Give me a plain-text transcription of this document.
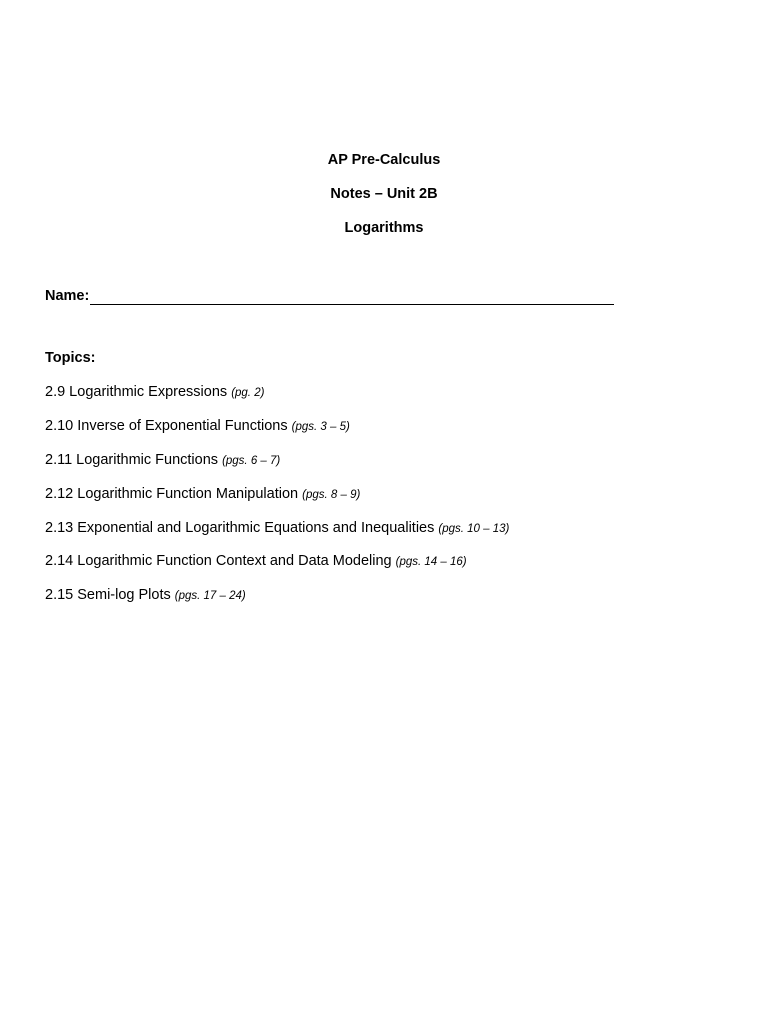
AP Pre-Calculus
Notes – Unit 2B
Logarithms
Name:
Topics:
2.9 Logarithmic Expressions (pg. 2)
2.10 Inverse of Exponential Functions (pgs. 3 – 5)
2.11 Logarithmic Functions (pgs. 6 – 7)
2.12 Logarithmic Function Manipulation (pgs. 8 – 9)
2.13 Exponential and Logarithmic Equations and Inequalities (pgs. 10 – 13)
2.14 Logarithmic Function Context and Data Modeling (pgs. 14 – 16)
2.15 Semi-log Plots (pgs. 17 – 24)
